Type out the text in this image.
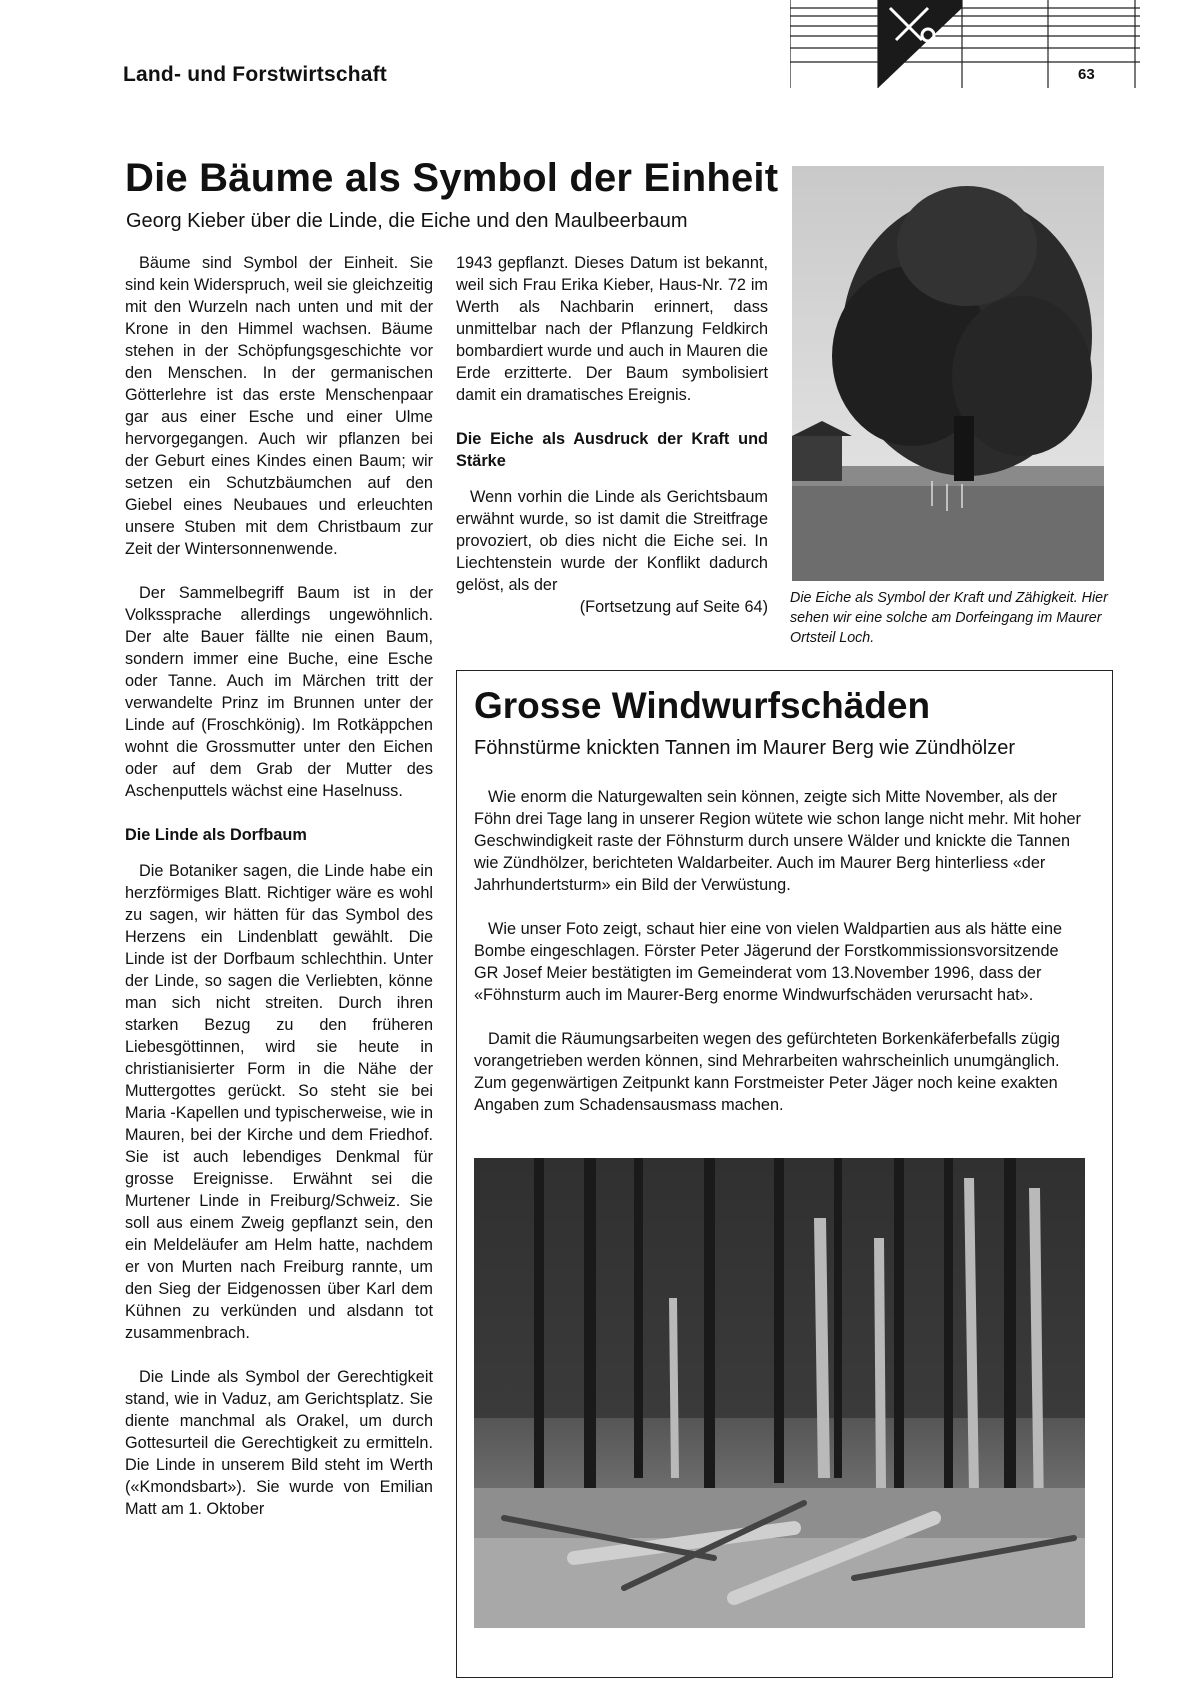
Land- und Forstwirtschaft	63
Die Bäume als Symbol der Einheit
Georg Kieber über die Linde, die Eiche und den Maulbeerbaum

Bäume sind Symbol der Einheit. Sie sind kein Widerspruch, weil sie gleichzeitig mit den Wurzeln nach unten und mit der Krone in den Himmel wachsen. Bäume stehen in der Schöpfungsgeschichte vor den Menschen. In der germanischen Götterlehre ist das erste Menschenpaar gar aus einer Esche und einer Ulme hervorgegangen. Auch wir pflanzen bei der Geburt eines Kindes einen Baum; wir setzen ein Schutzbäumchen auf den Giebel eines Neubaues und erleuchten unsere Stuben mit dem Christbaum zur Zeit der Wintersonnenwende.

Der Sammelbegriff Baum ist in der Volkssprache allerdings ungewöhnlich. Der alte Bauer fällte nie einen Baum, sondern immer eine Buche, eine Esche oder Tanne. Auch im Märchen tritt der verwandelte Prinz im Brunnen unter der Linde auf (Froschkönig). Im Rotkäppchen wohnt die Grossmutter unter den Eichen oder auf dem Grab der Mutter des Aschenputtels wächst eine Haselnuss.

Die Linde als Dorfbaum

Die Botaniker sagen, die Linde habe ein herzförmiges Blatt. Richtiger wäre es wohl zu sagen, wir hätten für das Symbol des Herzens ein Lindenblatt gewählt. Die Linde ist der Dorfbaum schlechthin. Unter der Linde, so sagen die Verliebten, könne man sich nicht streiten. Durch ihren starken Bezug zu den früheren Liebesgöttinnen, wird sie heute in christianisierter Form in die Nähe der Muttergottes gerückt. So steht sie bei Maria -Kapellen und typischerweise, wie in Mauren, bei der Kirche und dem Friedhof. Sie ist auch lebendiges Denkmal für grosse Ereignisse. Erwähnt sei die Murtener Linde in Freiburg/Schweiz. Sie soll aus einem Zweig gepflanzt sein, den ein Meldeläufer am Helm hatte, nachdem er von Murten nach Freiburg rannte, um den Sieg der Eidgenossen über Karl dem Kühnen zu verkünden und alsdann tot zusammenbrach.

Die Linde als Symbol der Gerechtigkeit stand, wie in Vaduz, am Gerichtsplatz. Sie diente manchmal als Orakel, um durch Gottesurteil die Gerechtigkeit zu ermitteln. Die Linde in unserem Bild steht im Werth («Kmondsbart»). Sie wurde von Emilian Matt am 1. Oktober

1943 gepflanzt. Dieses Datum ist bekannt, weil sich Frau Erika Kieber, Haus-Nr. 72 im Werth als Nachbarin erinnert, dass unmittelbar nach der Pflanzung Feldkirch bombardiert wurde und auch in Mauren die Erde erzitterte. Der Baum symbolisiert damit ein dramatisches Ereignis.

Die Eiche als Ausdruck der Kraft und Stärke

Wenn vorhin die Linde als Gerichtsbaum erwähnt wurde, so ist damit die Streitfrage provoziert, ob dies nicht die Eiche sei. In Liechtenstein wurde der Konflikt dadurch gelöst, als der

(Fortsetzung auf Seite 64) Die Eiche als Symbol der Kraft und Zähigkeit. Hier sehen wir eine solche am Dorfeingang im Maurer Ortsteil Loch.
Grosse Windwurfschäden
Föhnstürme knickten Tannen im Maurer Berg wie Zündhölzer

Wie enorm die Naturgewalten sein können, zeigte sich Mitte November, als der Föhn drei Tage lang in unserer Region wütete wie schon lange nicht mehr. Mit hoher Geschwindigkeit raste der Föhnsturm durch unsere Wälder und knickte die Tannen wie Zündhölzer, berichteten Waldarbeiter. Auch im Maurer Berg hinterliess «der Jahrhundertsturm» ein Bild der Verwüstung.

Wie unser Foto zeigt, schaut hier eine von vielen Waldpartien aus als hätte eine Bombe eingeschlagen. Förster Peter Jägerund der Forstkommissionsvorsitzende GR Josef Meier bestätigten im Gemeinderat vom 13.November 1996, dass der «Föhnsturm auch im Maurer-Berg enorme Windwurfschäden verursacht hat».

Damit die Räumungsarbeiten wegen des gefürchteten Borkenkäferbefalls zügig vorangetrieben werden können, sind Mehrarbeiten wahrscheinlich unumgänglich. Zum gegenwärtigen Zeitpunkt kann Forstmeister Peter Jäger noch keine exakten Angaben zum Schadensausmass machen.
